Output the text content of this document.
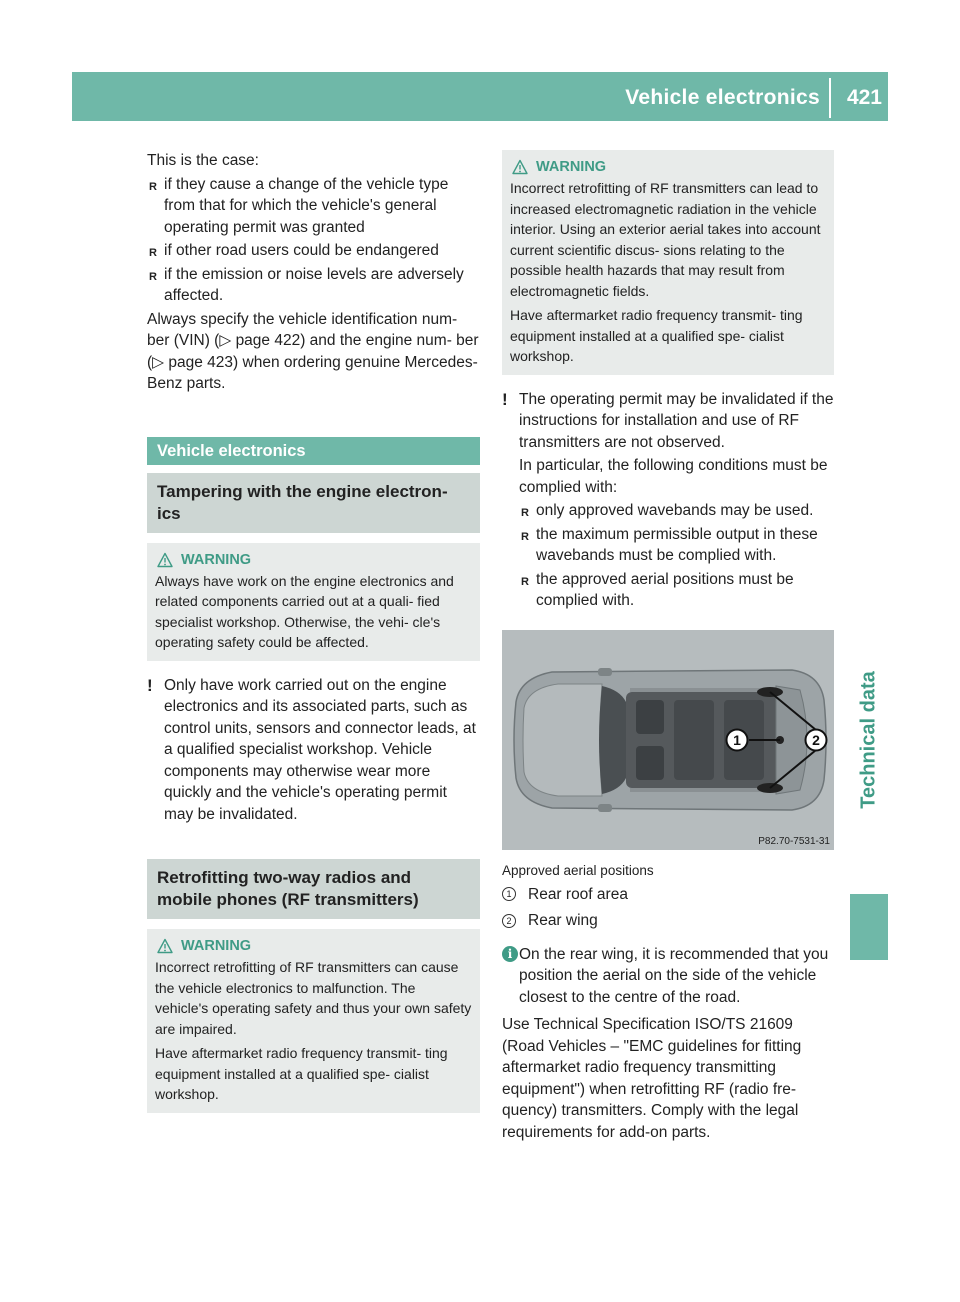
Vehicle electronics 421
Technical data

This is the case:

R if they cause a change of the vehicle type from that for which the vehicle's general operating permit was granted

R if other road users could be endangered

R if the emission or noise levels are adversely affected.

Always specify the vehicle identification num- ber (VIN) (▷ page 422) and the engine num- ber (▷ page 423) when ordering genuine Mercedes-Benz parts.

Vehicle electronics
Tampering with the engine electron- ics
WARNING

Always have work on the engine electronics and related components carried out at a quali- fied specialist workshop. Otherwise, the vehi- cle's operating safety could be affected.

! Only have work carried out on the engine electronics and its associated parts, such as control units, sensors and connector leads, at a qualified specialist workshop. Vehicle components may otherwise wear more quickly and the vehicle's operating permit may be invalidated.

Retrofitting two-way radios and mobile phones (RF transmitters)
WARNING

Incorrect retrofitting of RF transmitters can cause the vehicle electronics to malfunction. The vehicle's operating safety and thus your own safety are impaired.

Have aftermarket radio frequency transmit- ting equipment installed at a qualified spe- cialist workshop.

WARNING

Incorrect retrofitting of RF transmitters can lead to increased electromagnetic radiation in the vehicle interior. Using an exterior aerial takes into account current scientific discus- sions relating to the possible health hazards that may result from electromagnetic fields.

Have aftermarket radio frequency transmit- ting equipment installed at a qualified spe- cialist workshop.

! The operating permit may be invalidated if the instructions for installation and use of RF transmitters are not observed.

In particular, the following conditions must be complied with:

R only approved wavebands may be used.

R the maximum permissible output in these wavebands must be complied with.

R the approved aerial positions must be complied with.

1	2
P82.70-7531-31

Approved aerial positions

1	Rear roof area

2	Rear wing

i On the rear wing, it is recommended that you position the aerial on the side of the vehicle closest to the centre of the road.

Use Technical Specification ISO/TS 21609 (Road Vehicles – "EMC guidelines for fitting aftermarket radio frequency transmitting equipment") when retrofitting RF (radio fre- quency) transmitters. Comply with the legal requirements for add-on parts.
